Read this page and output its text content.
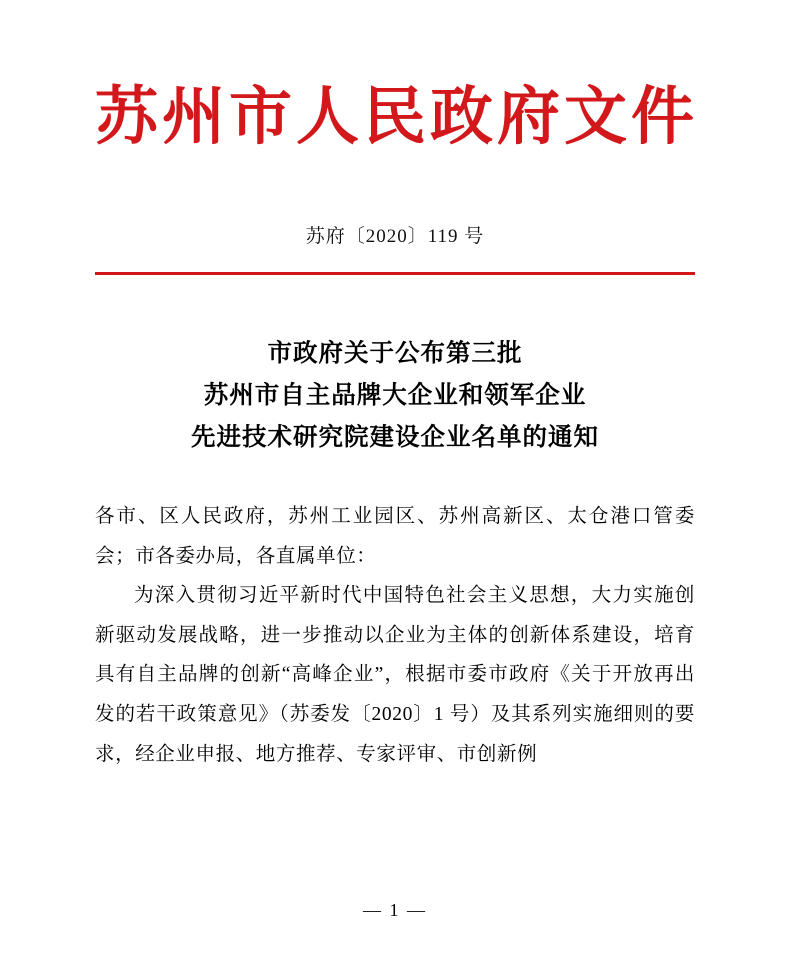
苏州市人民政府文件
苏府〔2020〕119 号
市政府关于公布第三批
苏州市自主品牌大企业和领军企业
先进技术研究院建设企业名单的通知

各市、区人民政府，苏州工业园区、苏州高新区、太仓港口管委会；市各委办局，各直属单位：

为深入贯彻习近平新时代中国特色社会主义思想，大力实施创新驱动发展战略，进一步推动以企业为主体的创新体系建设，培育具有自主品牌的创新“高峰企业”，根据市委市政府《关于开放再出发的若干政策意见》（苏委发〔2020〕1 号）及其系列实施细则的要求，经企业申报、地方推荐、专家评审、市创新例

— 1 —
